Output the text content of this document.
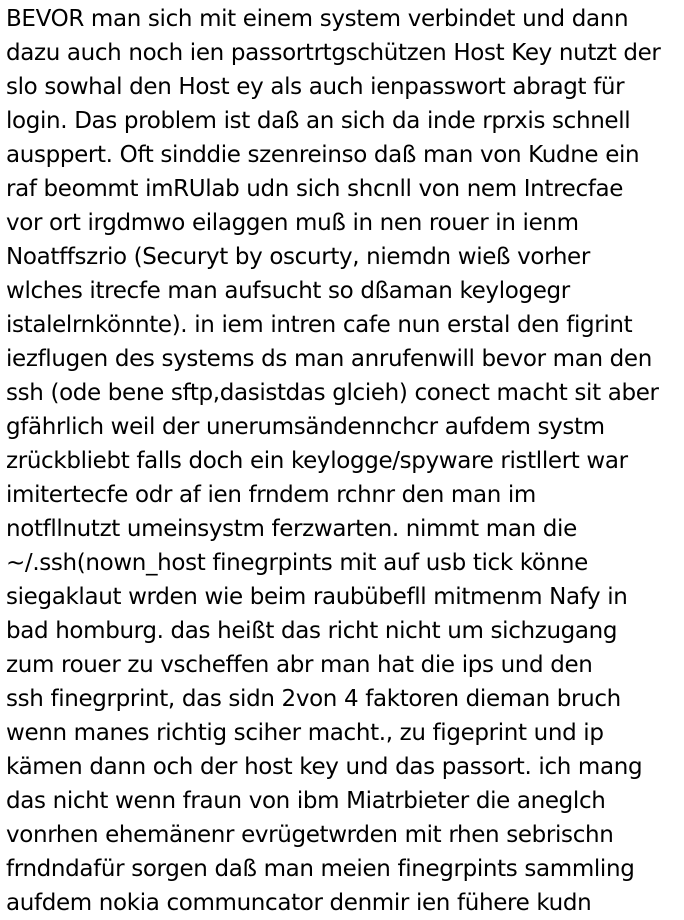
BEVOR man sich mit einem system verbindet und dann
dazu auch noch ien passortrtgschützen Host Key nutzt der
slo sowhal den Host ey als auch ienpasswort abragt für
login. Das problem ist daß an sich da inde rprxis schnell
ausppert. Oft sinddie szenreinso daß man von Kudne ein
raf beommt imRUlab udn sich shcnll von nem Intrecfae
vor ort irgdmwo eilaggen muß in nen rouer in ienm
Noatffszrio (Securyt by oscurty, niemdn wieß vorher
wlches itrecfe man aufsucht so dßaman keylogegr
istalelrnkönnte). in iem intren cafe nun erstal den figrint
iezflugen des systems ds man anrufenwill bevor man den
ssh (ode bene sftp,dasistdas glcieh) conect macht sit aber
gfährlich weil der unerumsändennchcr aufdem systm
zrückbliebt falls doch ein keylogge/spyware ristllert war
imitertecfe odr af ien frndem rchnr den man im
notfllnutzt umeinsystm ferzwarten. nimmt man die
~/.ssh(nown_host finegrpints mit auf usb tick könne
siegaklaut wrden wie beim raubübefll mitmenm Nafy in
bad homburg. das heißt das richt nicht um sichzugang
zum rouer zu vscheffen abr man hat die ips und den
ssh finegrprint, das sidn 2von 4 faktoren dieman bruch
wenn manes richtig sciher macht., zu figeprint und ip
kämen dann och der host key und das passort. ich mang
das nicht wenn fraun von ibm Miatrbieter die aneglch
vonrhen ehemänenr evrügetwrden mit rhen sebrischn
frndndafür sorgen daß man meien finegrpints sammling
aufdem nokia communcator denmir ien fühere kudn
